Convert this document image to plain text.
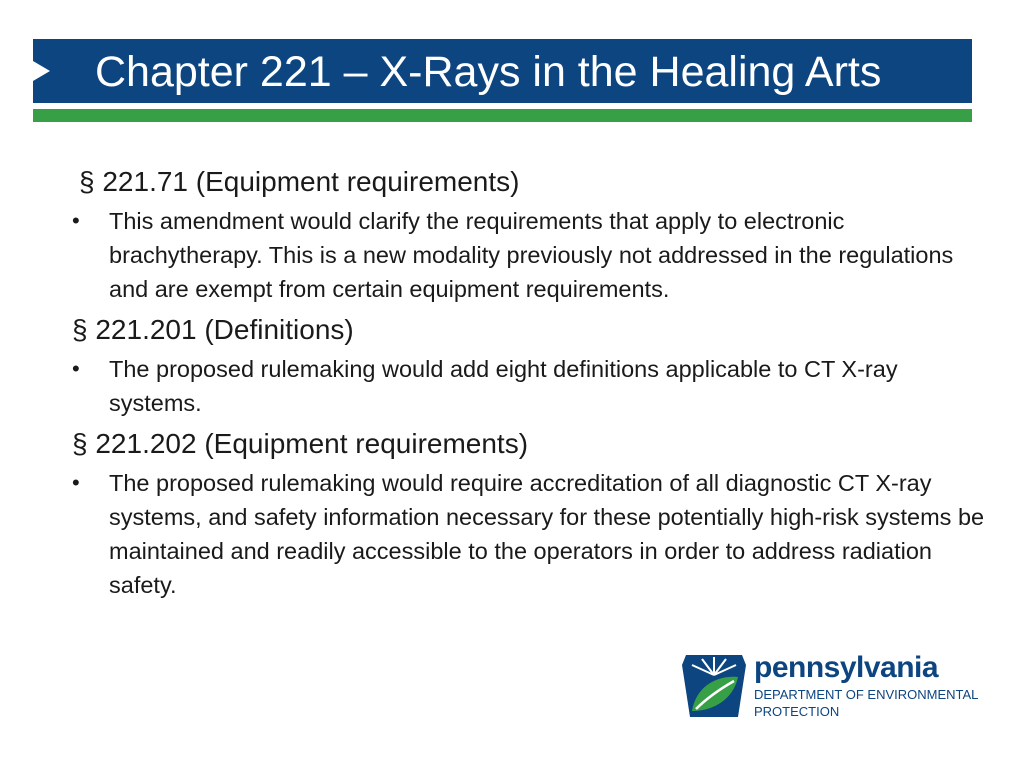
Chapter 221 – X-Rays in the Healing Arts
§ 221.71 (Equipment requirements)
• This amendment would clarify the requirements that apply to electronic brachytherapy. This is a new modality previously not addressed in the regulations and are exempt from certain equipment requirements.
§ 221.201 (Definitions)
• The proposed rulemaking would add eight definitions applicable to CT X-ray systems.
§ 221.202 (Equipment requirements)
• The proposed rulemaking would require accreditation of all diagnostic CT X-ray systems, and safety information necessary for these potentially high-risk systems be maintained and readily accessible to the operators in order to address radiation safety.
pennsylvania
DEPARTMENT OF ENVIRONMENTAL
PROTECTION
